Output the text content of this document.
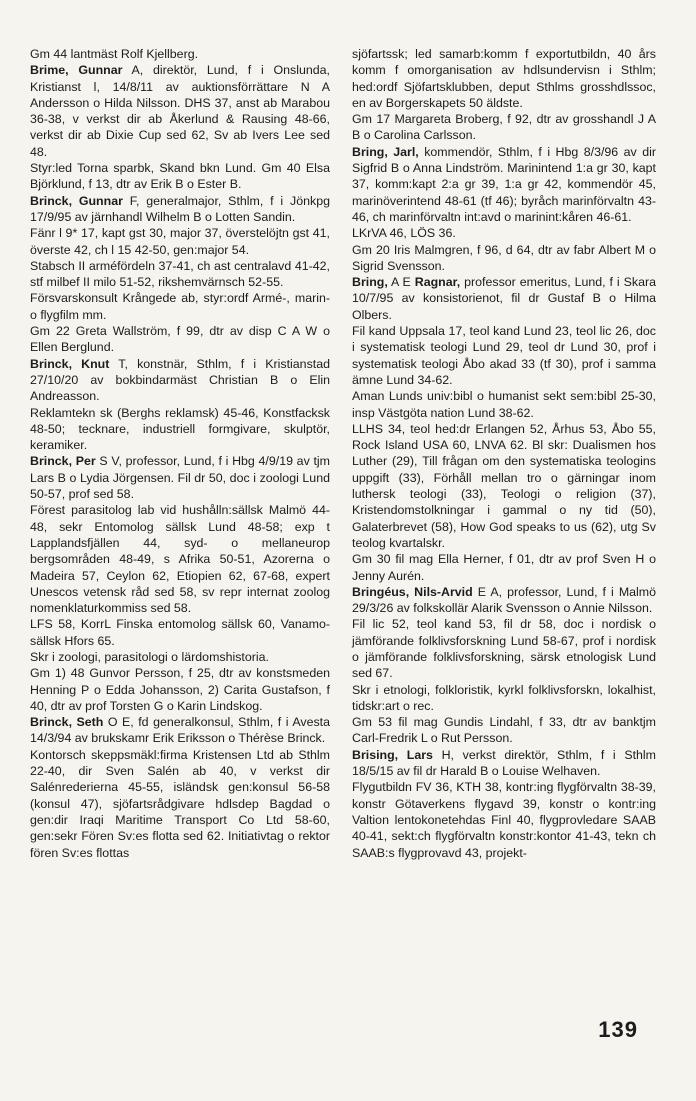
Gm 44 lantmäst Rolf Kjellberg.

Brime, Gunnar A, direktör, Lund, f i Onslunda, Kristianst l, 14/8/11 av auktionsförrättare N A Andersson o Hilda Nilsson. DHS 37, anst ab Marabou 36-38, v verkst dir ab Åkerlund & Rausing 48-66, verkst dir ab Dixie Cup sed 62, Sv ab Ivers Lee sed 48.

Styr:led Torna sparbk, Skand bkn Lund. Gm 40 Elsa Björklund, f 13, dtr av Erik B o Ester B.

Brinck, Gunnar F, generalmajor, Sthlm, f i Jönkpg 17/9/95 av järnhandl Wilhelm B o Lotten Sandin.

Fänr l 9* 17, kapt gst 30, major 37, överstelöjtn gst 41, överste 42, ch l 15 42-50, gen:major 54.

Stabsch II arméfördeln 37-41, ch ast centralavd 41-42, stf milbef II milo 51-52, rikshemvärnsch 52-55.

Försvarskonsult Krångede ab, styr:ordf Armé-, marin- o flygfilm mm.

Gm 22 Greta Wallström, f 99, dtr av disp C A W o Ellen Berglund.

Brinck, Knut T, konstnär, Sthlm, f i Kristianstad 27/10/20 av bokbindarmäst Christian B o Elin Andreasson.

Reklamtekn sk (Berghs reklamsk) 45-46, Konstfacksk 48-50; tecknare, industriell formgivare, skulptör, keramiker.

Brinck, Per S V, professor, Lund, f i Hbg 4/9/19 av tjm Lars B o Lydia Jörgensen. Fil dr 50, doc i zoologi Lund 50-57, prof sed 58.

Förest parasitolog lab vid hushålln:sällsk Malmö 44-48, sekr Entomolog sällsk Lund 48-58; exp t Lapplandsfjällen 44, syd- o mellaneurop bergsområden 48-49, s Afrika 50-51, Azorerna o Madeira 57, Ceylon 62, Etiopien 62, 67-68, expert Unescos vetensk råd sed 58, sv repr internat zoolog nomenklaturkommiss sed 58.

LFS 58, KorrL Finska entomolog sällsk 60, Vanamo-sällsk Hfors 65.

Skr i zoologi, parasitologi o lärdomshistoria.

Gm 1) 48 Gunvor Persson, f 25, dtr av konstsmeden Henning P o Edda Johansson, 2) Carita Gustafson, f 40, dtr av prof Torsten G o Karin Lindskog.

Brinck, Seth O E, fd generalkonsul, Sthlm, f i Avesta 14/3/94 av brukskamr Erik Eriksson o Thérèse Brinck.

Kontorsch skeppsmäkl:firma Kristensen Ltd ab Sthlm 22-40, dir Sven Salén ab 40, v verkst dir Salénrederierna 45-55, isländsk gen:konsul 56-58 (konsul 47), sjöfartsrådgivare hdlsdep Bagdad o gen:dir Iraqi Maritime Transport Co Ltd 58-60, gen:sekr Fören Sv:es flotta sed 62. Initiativtag o rektor fören Sv:es flottas

sjöfartssk; led samarb:komm f exportutbildn, 40 års komm f omorganisation av hdlsundervisn i Sthlm; hed:ordf Sjöfartsklubben, deput Sthlms grosshdlssoc, en av Borgerskapets 50 äldste.

Gm 17 Margareta Broberg, f 92, dtr av grosshandl J A B o Carolina Carlsson.

Bring, Jarl, kommendör, Sthlm, f i Hbg 8/3/96 av dir Sigfrid B o Anna Lindström. Marinintend 1:a gr 30, kapt 37, komm:kapt 2:a gr 39, 1:a gr 42, kommendör 45, marinöverintend 48-61 (tf 46); byråch marinförvaltn 43-46, ch marinförvaltn int:avd o marinint:kåren 46-61.

LKrVA 46, LÖS 36.

Gm 20 Iris Malmgren, f 96, d 64, dtr av fabr Albert M o Sigrid Svensson.

Bring, A E Ragnar, professor emeritus, Lund, f i Skara 10/7/95 av konsistorienot, fil dr Gustaf B o Hilma Olbers.

Fil kand Uppsala 17, teol kand Lund 23, teol lic 26, doc i systematisk teologi Lund 29, teol dr Lund 30, prof i systematisk teologi Åbo akad 33 (tf 30), prof i samma ämne Lund 34-62.

Aman Lunds univ:bibl o humanist sekt sem:bibl 25-30, insp Västgöta nation Lund 38-62.

LLHS 34, teol hed:dr Erlangen 52, Århus 53, Åbo 55, Rock Island USA 60, LNVA 62. Bl skr: Dualismen hos Luther (29), Till frågan om den systematiska teologins uppgift (33), Förhåll mellan tro o gärningar inom luthersk teologi (33), Teologi o religion (37), Kristendomstolkningar i gammal o ny tid (50), Galaterbrevet (58), How God speaks to us (62), utg Sv teolog kvartalskr.

Gm 30 fil mag Ella Herner, f 01, dtr av prof Sven H o Jenny Aurén.

Bringéus, Nils-Arvid E A, professor, Lund, f i Malmö 29/3/26 av folkskollär Alarik Svensson o Annie Nilsson.

Fil lic 52, teol kand 53, fil dr 58, doc i nordisk o jämförande folklivsforskning Lund 58-67, prof i nordisk o jämförande folklivsforskning, särsk etnologisk Lund sed 67.

Skr i etnologi, folkloristik, kyrkl folklivsforskn, lokalhist, tidskr:art o rec.

Gm 53 fil mag Gundis Lindahl, f 33, dtr av banktjm Carl-Fredrik L o Rut Persson.

Brising, Lars H, verkst direktör, Sthlm, f i Sthlm 18/5/15 av fil dr Harald B o Louise Welhaven.

Flygutbildn FV 36, KTH 38, kontr:ing flygförvaltn 38-39, konstr Götaverkens flygavd 39, konstr o kontr:ing Valtion lentokonetehdas Finl 40, flygprovledare SAAB 40-41, sekt:ch flygförvaltn konstr:kontor 41-43, tekn ch SAAB:s flygprovavd 43, projekt-

139
